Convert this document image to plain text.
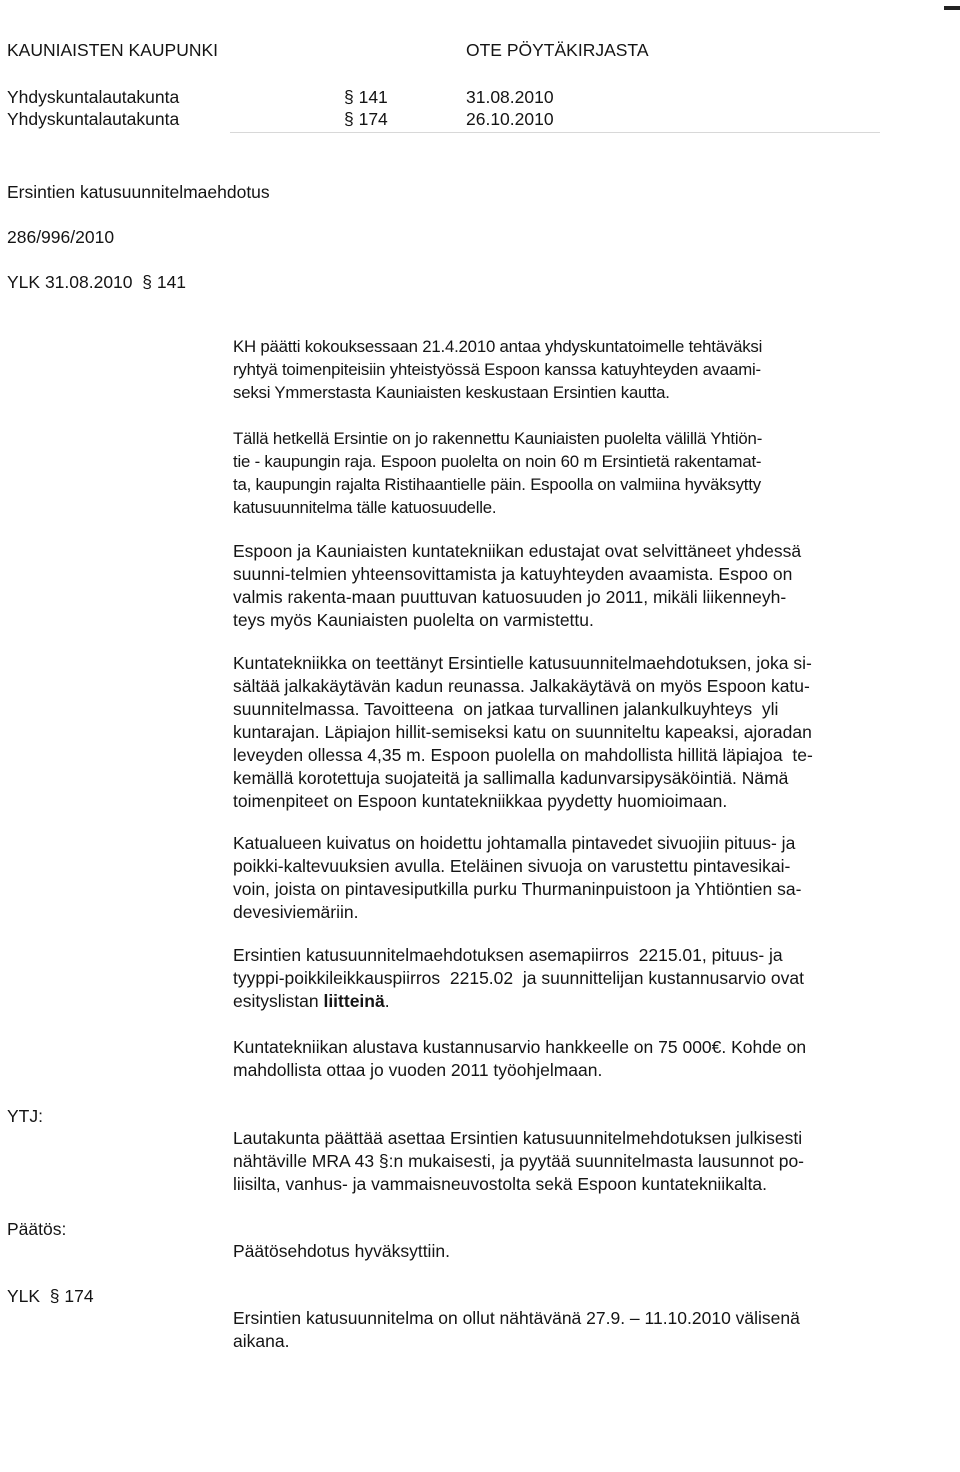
KAUNIAISTEN KAUPUNKI	OTE PÖYTÄKIRJASTA
Yhdyskuntalautakunta	§ 141	31.08.2010
Yhdyskuntalautakunta	§ 174	26.10.2010
Ersintien katusuunnitelmaehdotus
286/996/2010
YLK 31.08.2010  § 141
KH päätti kokouksessaan 21.4.2010 antaa yhdyskuntatoimelle tehtäväksi
ryhtyä toimenpiteisiin yhteistyössä Espoon kanssa katuyhteyden avaami-
seksi Ymmerstasta Kauniaisten keskustaan Ersintien kautta.
Tällä hetkellä Ersintie on jo rakennettu Kauniaisten puolelta välillä Yhtiön-
tie - kaupungin raja. Espoon puolelta on noin 60 m Ersintietä rakentamat-
ta, kaupungin rajalta Ristihaantielle päin. Espoolla on valmiina hyväksytty
katusuunnitelma tälle katuosuudelle.
Espoon ja Kauniaisten kuntatekniikan edustajat ovat selvittäneet yhdessä
suunni-telmien yhteensovittamista ja katuyhteyden avaamista. Espoo on
valmis rakenta-maan puuttuvan katuosuuden jo 2011, mikäli liikenneyh-
teys myös Kauniaisten puolelta on varmistettu.
Kuntatekniikka on teettänyt Ersintielle katusuunnitelmaehdotuksen, joka si-
sältää jalkakäytävän kadun reunassa. Jalkakäytävä on myös Espoon katu-
suunnitelmassa. Tavoitteena  on jatkaa turvallinen jalankulkuyhteys  yli
kuntarajan. Läpiajon hillit-semiseksi katu on suunniteltu kapeaksi, ajoradan
leveyden ollessa 4,35 m. Espoon puolella on mahdollista hillitä läpiajoa  te-
kemällä korotettuja suojateitä ja sallimalla kadunvarsipysäköintiä. Nämä
toimenpiteet on Espoon kuntatekniikkaa pyydetty huomioimaan.
Katualueen kuivatus on hoidettu johtamalla pintavedet sivuojiin pituus- ja
poikki-kaltevuuksien avulla. Eteläinen sivuoja on varustettu pintavesikai-
voin, joista on pintavesiputkilla purku Thurmaninpuistoon ja Yhtiöntien sa-
devesiviemäriin.
Ersintien katusuunnitelmaehdotuksen asemapiirros  2215.01, pituus- ja
tyyppi-poikkileikkauspiirros  2215.02  ja suunnittelijan kustannusarvio ovat
esityslistan liitteinä.
Kuntatekniikan alustava kustannusarvio hankkeelle on 75 000€. Kohde on
mahdollista ottaa jo vuoden 2011 työohjelmaan.
YTJ:
Lautakunta päättää asettaa Ersintien katusuunnitelmehdotuksen julkisesti
nähtäville MRA 43 §:n mukaisesti, ja pyytää suunnitelmasta lausunnot po-
liisilta, vanhus- ja vammaisneuvostolta sekä Espoon kuntatekniikalta.
Päätös:
Päätösehdotus hyväksyttiin.
YLK  § 174
Ersintien katusuunnitelma on ollut nähtävänä 27.9. – 11.10.2010 välisenä
aikana.
